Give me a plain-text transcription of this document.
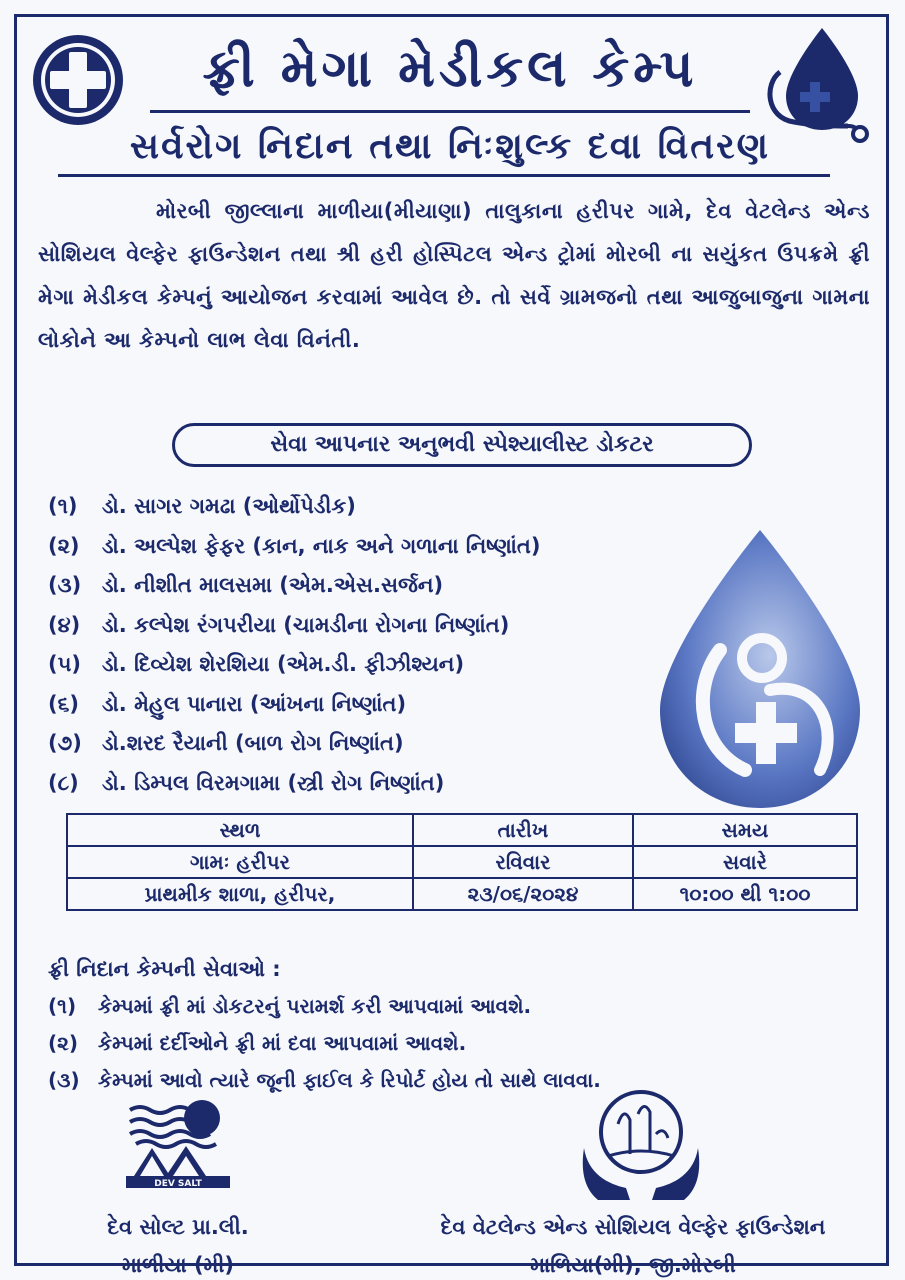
ફ્રી મેગા મેડીકલ કેમ્પ
સર્વરોગ નિદાન તથા નિઃશુલ્ક દવા વિતરણ

મોરબી જીલ્લાના માળીયા(મીયાણા) તાલુકાના હરીપર ગામે, દેવ વેટલેન્ડ એન્ડ સોશિયલ વેલ્ફેર ફાઉન્ડેશન તથા શ્રી હરી હોસ્પિટલ એન્ડ ટ્રોમાં મોરબી ના સયુંકત ઉપક્રમે ફ્રી મેગા મેડીકલ કેમ્પનું આયોજન કરવામાં આવેલ છે. તો સર્વે ગ્રામજનો તથા આજુબાજુના ગામના લોકોને આ કેમ્પનો લાભ લેવા વિનંતી.

સેવા આપનાર અનુભવી સ્પેશ્યાલીસ્ટ ડોકટર
(૧) ડો. સાગર ગમઢા (ઓર્થોપેડીક)
(૨) ડો. અલ્પેશ ફેફર (કાન, નાક અને ગળાના નિષ્ણાંત)
(૩) ડો. નીશીત માલસમા (એમ.એસ.સર્જન)
(૪) ડો. કલ્પેશ રંગપરીયા (ચામડીના રોગના નિષ્ણાંત)
(૫) ડો. દિવ્યેશ શેરશિયા (એમ.ડી. ફીઝીશ્યન)
(૬) ડો. મેહુલ પાનારા (આંખના નિષ્ણાંત)
(૭) ડો.શરદ રૈયાની (બાળ રોગ નિષ્ણાંત)
(૮) ડો. ડિમ્પલ વિરમગામા (સ્ત્રી રોગ નિષ્ણાંત)
સ્થળ	તારીખ	સમય
ગામઃ હરીપર	રવિવાર	સવારે
પ્રાથમીક શાળા, હરીપર,	૨૩/૦૬/૨૦૨૪	૧૦:૦૦ થી ૧:૦૦
ફ્રી નિદાન કેમ્પની સેવાઓ :
(૧) કેમ્પમાં ફ્રી માં ડોકટરનું પરામર્શ કરી આપવામાં આવશે.
(૨) કેમ્પમાં દર્દીઓને ફ્રી માં દવા આપવામાં આવશે.
(૩) કેમ્પમાં આવો ત્યારે જૂની ફાઈલ કે રિપોર્ટ હોય તો સાથે લાવવા.
DEV SALT
દેવ સોલ્ટ પ્રા.લી.
માળીયા (મી)
દેવ વેટલેન્ડ એન્ડ સોશિયલ વેલ્ફેર ફાઉન્ડેશન
માળિયા(મી), જી.મોરબી
